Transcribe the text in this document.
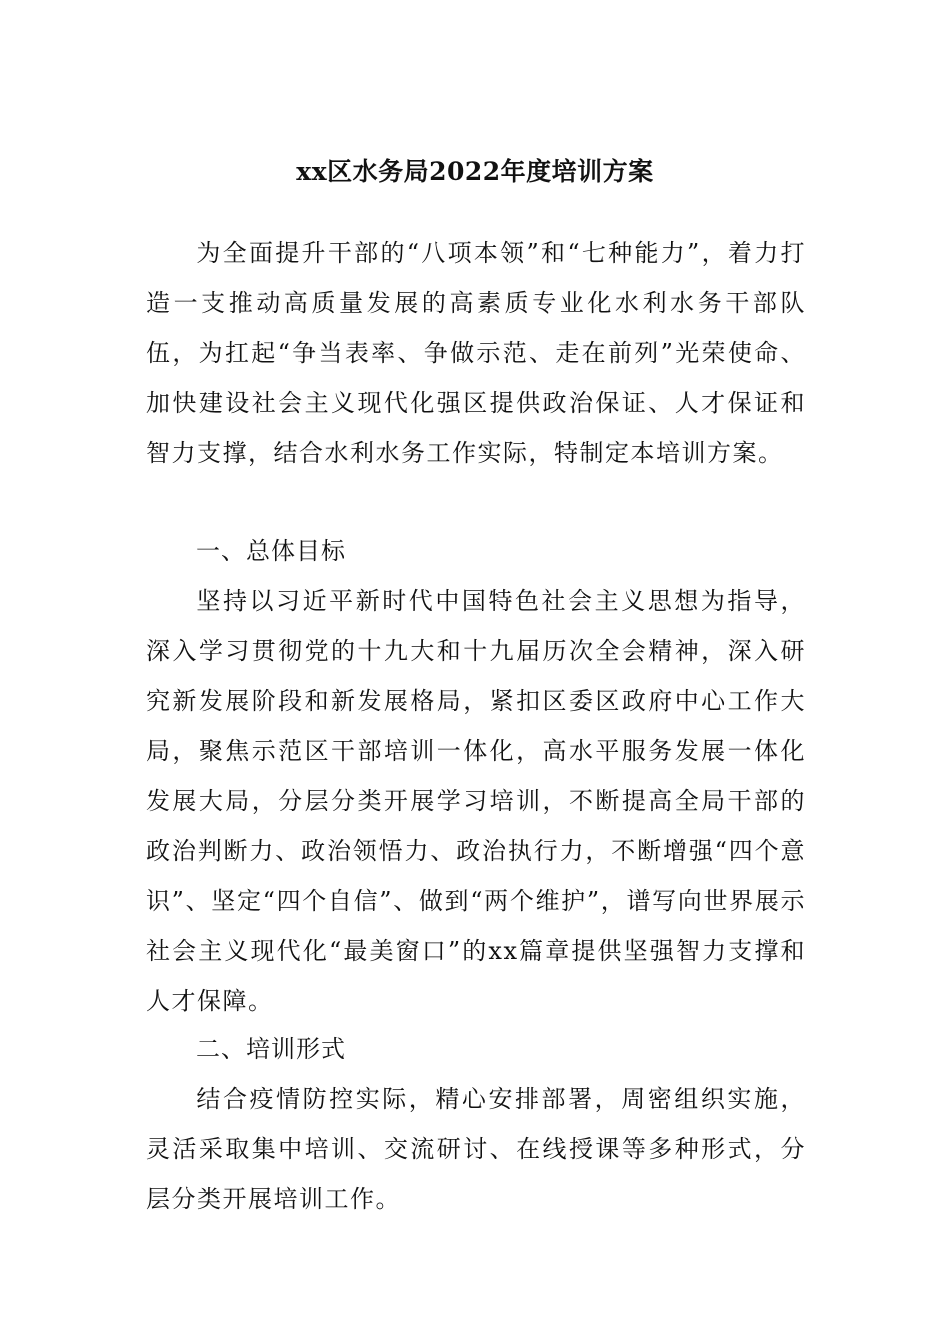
xx区水务局2022年度培训方案

为全面提升干部的“八项本领”和“七种能力”，着力打造一支推动高质量发展的高素质专业化水利水务干部队伍，为扛起“争当表率、争做示范、走在前列”光荣使命、加快建设社会主义现代化强区提供政治保证、人才保证和智力支撑，结合水利水务工作实际，特制定本培训方案。

一、总体目标

坚持以习近平新时代中国特色社会主义思想为指导，深入学习贯彻党的十九大和十九届历次全会精神，深入研究新发展阶段和新发展格局，紧扣区委区政府中心工作大局，聚焦示范区干部培训一体化，高水平服务发展一体化发展大局，分层分类开展学习培训，不断提高全局干部的政治判断力、政治领悟力、政治执行力，不断增强“四个意识”、坚定“四个自信”、做到“两个维护”，谱写向世界展示社会主义现代化“最美窗口”的xx篇章提供坚强智力支撑和人才保障。

二、培训形式

结合疫情防控实际，精心安排部署，周密组织实施，灵活采取集中培训、交流研讨、在线授课等多种形式，分层分类开展培训工作。
